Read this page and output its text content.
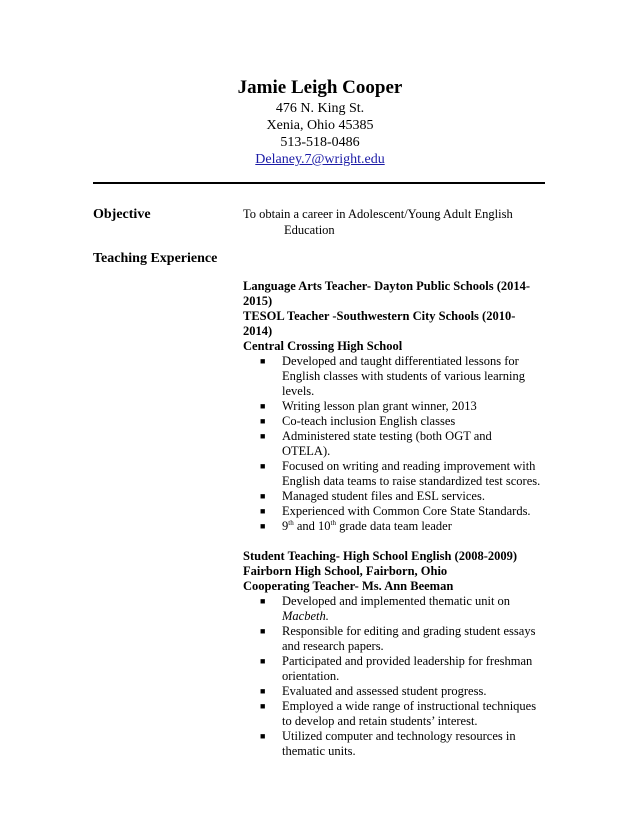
Jamie Leigh Cooper
476 N. King St.
Xenia, Ohio 45385
513-518-0486
Delaney.7@wright.edu
Objective	To obtain a career in Adolescent/Young Adult English
Education
Teaching Experience
Language Arts Teacher- Dayton Public Schools (2014-2015)
TESOL Teacher -Southwestern City Schools (2010-2014)
Central Crossing High School
■	Developed and taught differentiated lessons for English classes with students of various learning levels.
■	Writing lesson plan grant winner, 2013
■	Co-teach inclusion English classes
■	Administered state testing (both OGT and OTELA).
■	Focused on writing and reading improvement with English data teams to raise standardized test scores.
■	Managed student files and ESL services.
■	Experienced with Common Core State Standards.
■	9th and 10th grade data team leader
Student Teaching- High School English (2008-2009)
Fairborn High School, Fairborn, Ohio
Cooperating Teacher- Ms. Ann Beeman
■	Developed and implemented thematic unit on Macbeth.
■	Responsible for editing and grading student essays and research papers.
■	Participated and provided leadership for freshman orientation.
■	Evaluated and assessed student progress.
■	Employed a wide range of instructional techniques to develop and retain students’ interest.
■	Utilized computer and technology resources in thematic units.
